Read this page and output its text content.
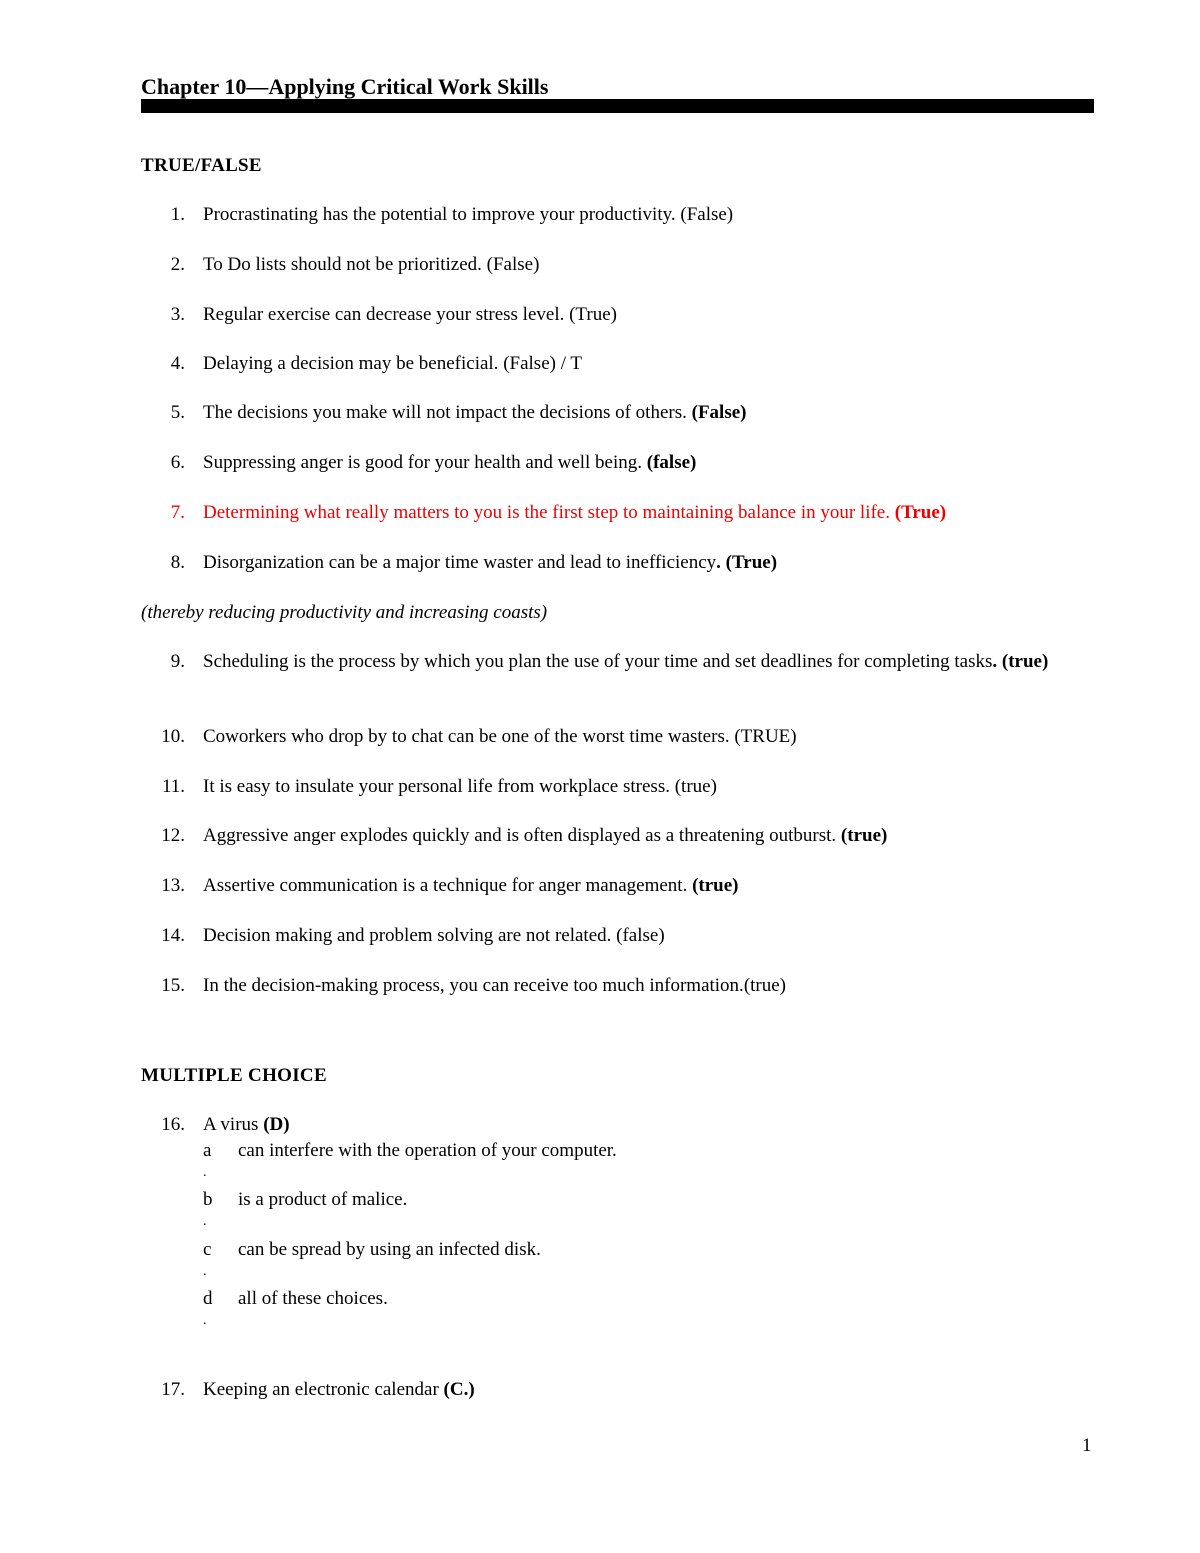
Chapter 10—Applying Critical Work Skills
TRUE/FALSE
1. Procrastinating has the potential to improve your productivity. (False)
2. To Do lists should not be prioritized. (False)
3. Regular exercise can decrease your stress level. (True)
4. Delaying a decision may be beneficial. (False) / T
5. The decisions you make will not impact the decisions of others. (False)
6. Suppressing anger is good for your health and well being. (false)
7. Determining what really matters to you is the first step to maintaining balance in your life. (True)
8. Disorganization can be a major time waster and lead to inefficiency. (True)
(thereby reducing productivity and increasing coasts)
9. Scheduling is the process by which you plan the use of your time and set deadlines for completing tasks. (true)
10. Coworkers who drop by to chat can be one of the worst time wasters. (TRUE)
11. It is easy to insulate your personal life from workplace stress. (true)
12. Aggressive anger explodes quickly and is often displayed as a threatening outburst. (true)
13. Assertive communication is a technique for anger management. (true)
14. Decision making and problem solving are not related. (false)
15. In the decision-making process, you can receive too much information.(true)
MULTIPLE CHOICE
16. A virus (D)
a can interfere with the operation of your computer.
.
b is a product of malice.
.
c can be spread by using an infected disk.
.
d all of these choices.
.
17. Keeping an electronic calendar (C.)
1
